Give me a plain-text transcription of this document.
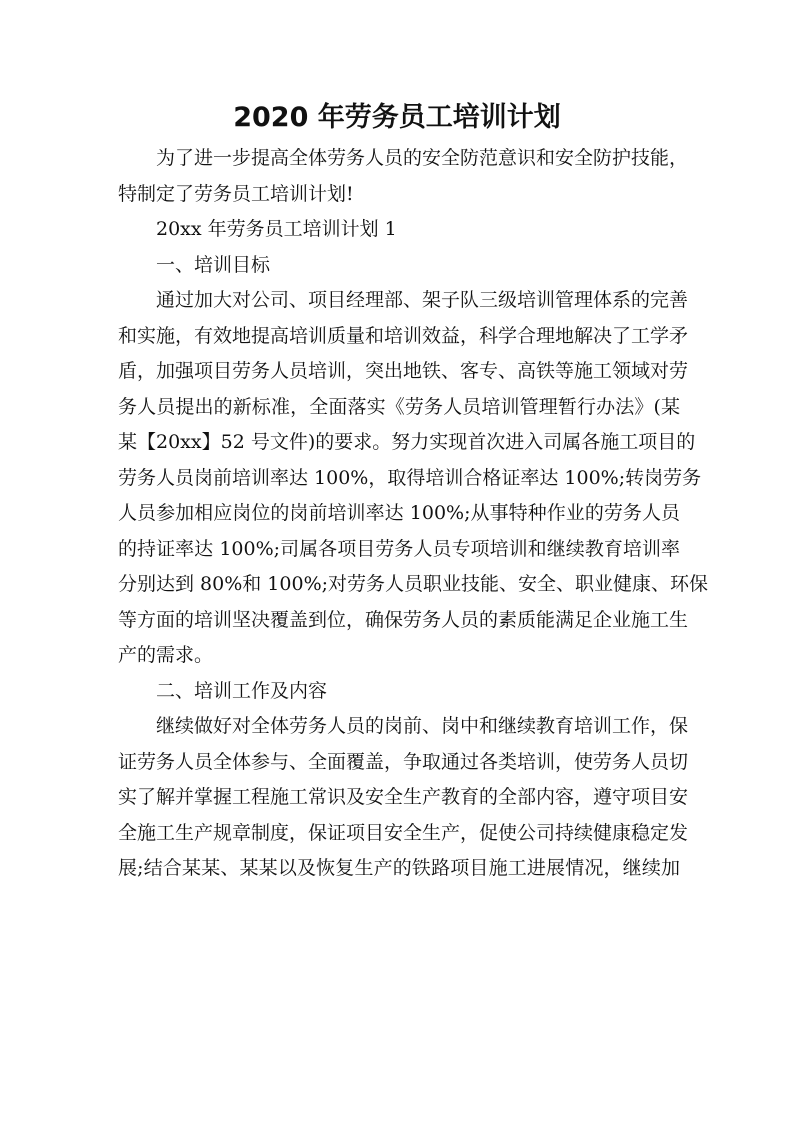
2020 年劳务员工培训计划
为了进一步提高全体劳务人员的安全防范意识和安全防护技能，
特制定了劳务员工培训计划!
20xx 年劳务员工培训计划 1
一、培训目标
通过加大对公司、项目经理部、架子队三级培训管理体系的完善
和实施，有效地提高培训质量和培训效益，科学合理地解决了工学矛
盾，加强项目劳务人员培训，突出地铁、客专、高铁等施工领域对劳
务人员提出的新标准，全面落实《劳务人员培训管理暂行办法》(某
某【20xx】52 号文件)的要求。努力实现首次进入司属各施工项目的
劳务人员岗前培训率达 100%，取得培训合格证率达 100%;转岗劳务
人员参加相应岗位的岗前培训率达 100%;从事特种作业的劳务人员
的持证率达 100%;司属各项目劳务人员专项培训和继续教育培训率
分别达到 80%和 100%;对劳务人员职业技能、安全、职业健康、环保
等方面的培训坚决覆盖到位，确保劳务人员的素质能满足企业施工生
产的需求。
二、培训工作及内容
继续做好对全体劳务人员的岗前、岗中和继续教育培训工作，保
证劳务人员全体参与、全面覆盖，争取通过各类培训，使劳务人员切
实了解并掌握工程施工常识及安全生产教育的全部内容，遵守项目安
全施工生产规章制度，保证项目安全生产，促使公司持续健康稳定发
展;结合某某、某某以及恢复生产的铁路项目施工进展情况，继续加
